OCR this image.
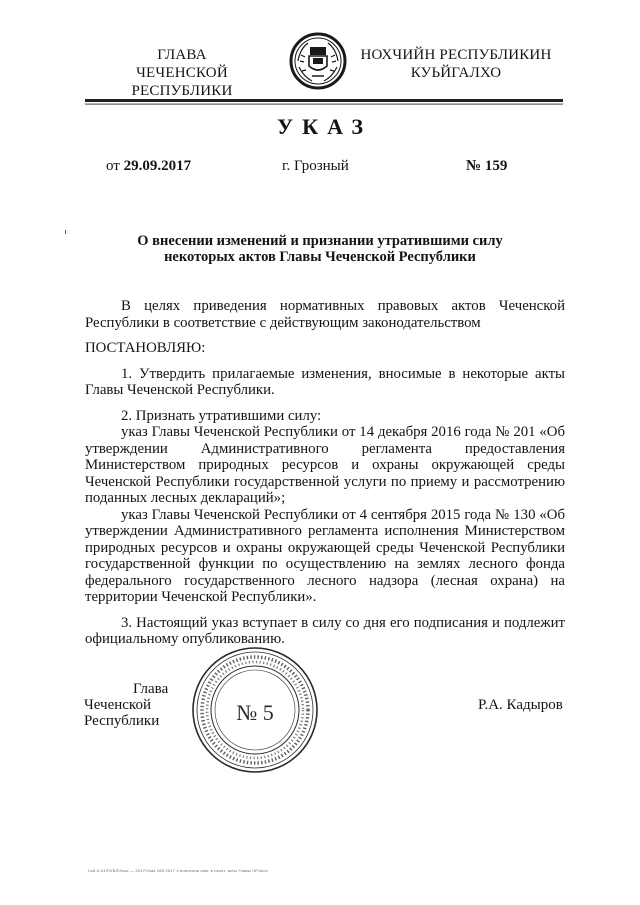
ГЛАВА
ЧЕЧЕНСКОЙ РЕСПУБЛИКИ
НОХЧИЙН РЕСПУБЛИКИН
КУЬЙГАЛХО
УКАЗ
от 29.09.2017	г. Грозный	№ 159
О внесении изменений и признании утратившими силу
некоторых актов Главы Чеченской Республики

В целях приведения нормативных правовых актов Чеченской Республики в соответствие с действующим законодательством

ПОСТАНОВЛЯЮ:

1. Утвердить прилагаемые изменения, вносимые в некоторые акты Главы Чеченской Республики.

2. Признать утратившими силу:

указ Главы Чеченской Республики от 14 декабря 2016 года № 201 «Об утверждении Административного регламента предоставления Министерством природных ресурсов и охраны окружающей среды Чеченской Республики государственной услуги по приему и рассмотрению поданных лесных деклараций»;

указ Главы Чеченской Республики от 4 сентября 2015 года № 130 «Об утверждении Административного регламента исполнения Министерством природных ресурсов и охраны окружающей среды Чеченской Республики государственной функции по осуществлению на землях лесного фонда федерального государственного лесного надзора (лесная охрана) на территории Чеченской Республики».

3. Настоящий указ вступает в силу со дня его подписания и подлежит официальному опубликованию.

№ 5
Глава
Чеченской Республики
Р.А. Кадыров
\\s6-0-01\ПУБЛ\Указ — 2017\Указ 159 2017 о внесении изм. в некот. акты Главы ЧР.docx
